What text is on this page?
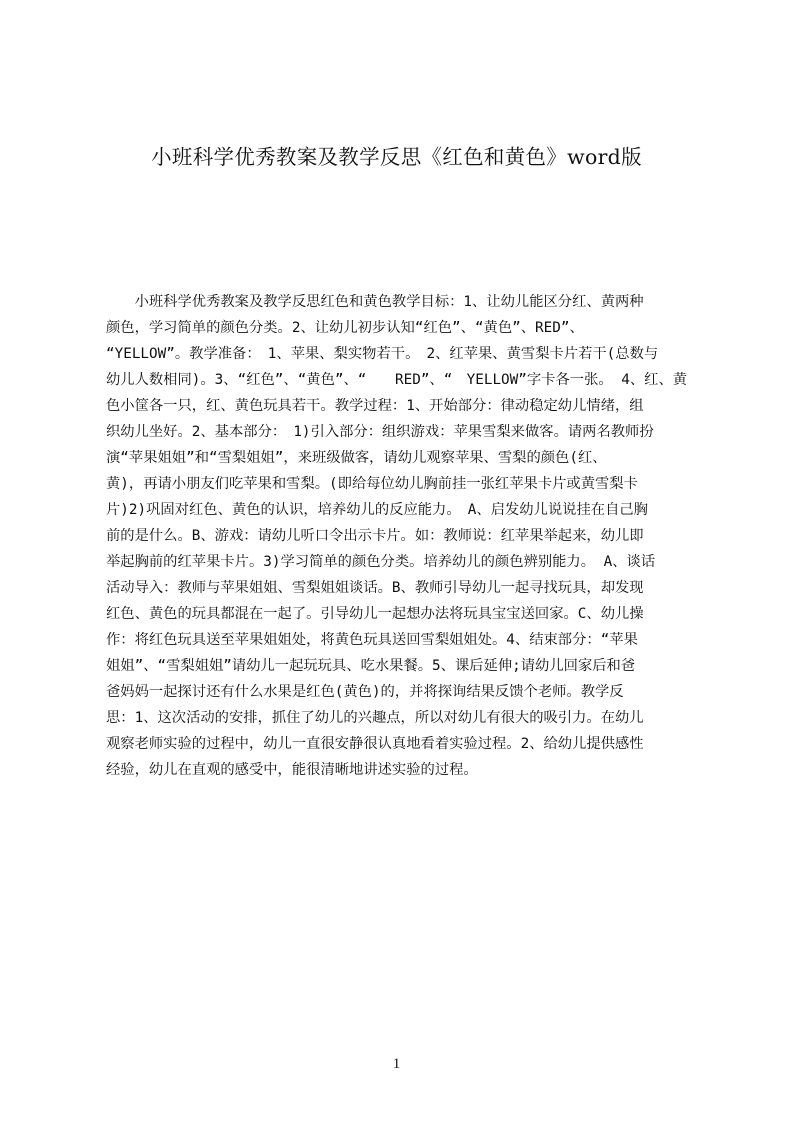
小班科学优秀教案及教学反思《红色和黄色》word版
　　小班科学优秀教案及教学反思红色和黄色教学目标：1、让幼儿能区分红、黄两种
颜色，学习简单的颜色分类。2、让幼儿初步认知“红色”、“黄色”、RED”、
“YELLOW”。教学准备：　1、苹果、梨实物若干。　2、红苹果、黄雪梨卡片若干(总数与
幼儿人数相同)。3、“红色”、“黄色”、“　　RED”、“　YELLOW”字卡各一张。 4、红、黄
色小筐各一只，红、黄色玩具若干。教学过程：1、开始部分：律动稳定幼儿情绪，组
织幼儿坐好。2、基本部分：　1)引入部分：组织游戏：苹果雪梨来做客。请两名教师扮
演“苹果姐姐”和“雪梨姐姐”，来班级做客，请幼儿观察苹果、雪梨的颜色(红、
黄)，再请小朋友们吃苹果和雪梨。(即给每位幼儿胸前挂一张红苹果卡片或黄雪梨卡
片)2)巩固对红色、黄色的认识，培养幼儿的反应能力。　A、启发幼儿说说挂在自己胸
前的是什么。B、游戏：请幼儿听口令出示卡片。如：教师说：红苹果举起来，幼儿即
举起胸前的红苹果卡片。3)学习简单的颜色分类。培养幼儿的颜色辨别能力。 A、谈话
活动导入：教师与苹果姐姐、雪梨姐姐谈话。B、教师引导幼儿一起寻找玩具，却发现
红色、黄色的玩具都混在一起了。引导幼儿一起想办法将玩具宝宝送回家。C、幼儿操
作：将红色玩具送至苹果姐姐处，将黄色玩具送回雪梨姐姐处。4、结束部分：“苹果
姐姐”、“雪梨姐姐”请幼儿一起玩玩具、吃水果餐。5、课后延伸;请幼儿回家后和爸
爸妈妈一起探讨还有什么水果是红色(黄色)的，并将探询结果反馈个老师。教学反
思：1、这次活动的安排，抓住了幼儿的兴趣点，所以对幼儿有很大的吸引力。在幼儿
观察老师实验的过程中，幼儿一直很安静很认真地看着实验过程。2、给幼儿提供感性
经验，幼儿在直观的感受中，能很清晰地讲述实验的过程。
1
